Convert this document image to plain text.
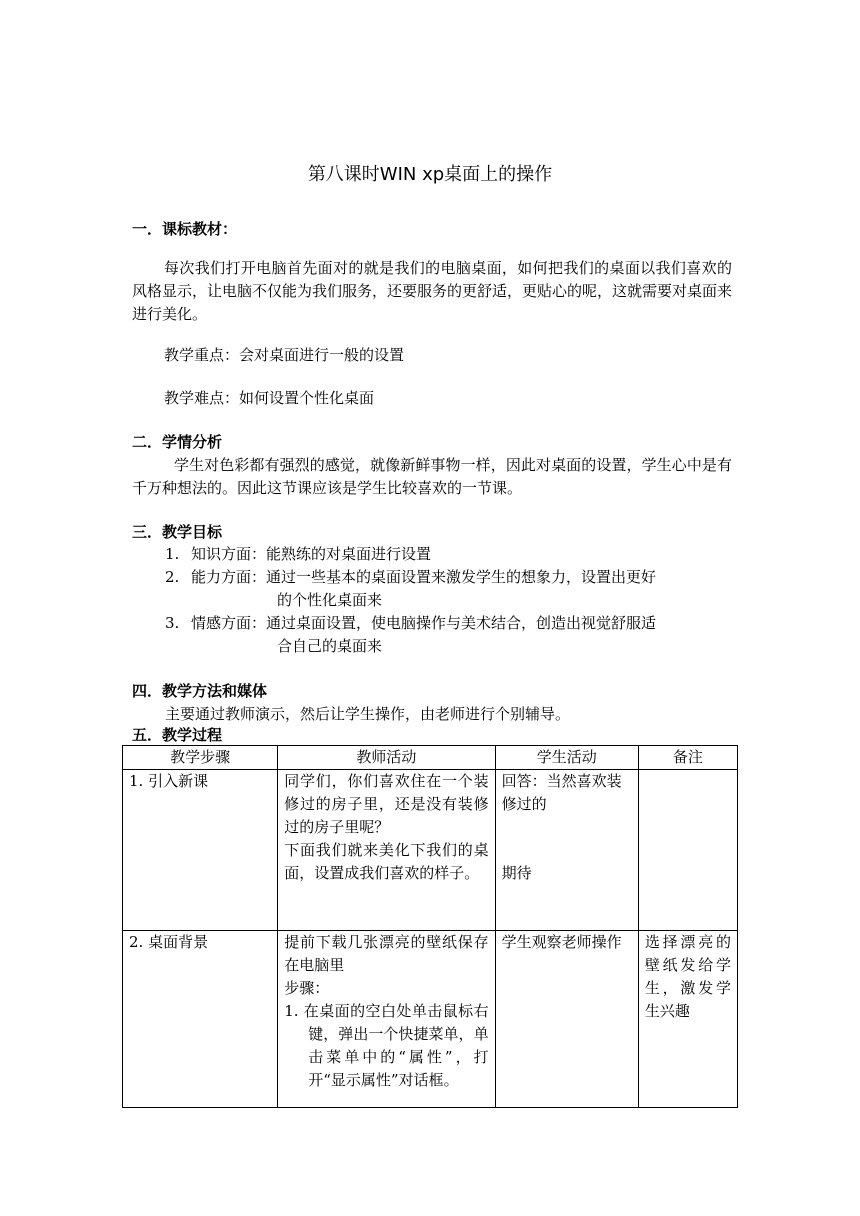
第八课时WIN xp桌面上的操作
一．课标教材：
每次我们打开电脑首先面对的就是我们的电脑桌面，如何把我们的桌面以我们喜欢的风格显示，让电脑不仅能为我们服务，还要服务的更舒适，更贴心的呢，这就需要对桌面来进行美化。
教学重点：会对桌面进行一般的设置
教学难点：如何设置个性化桌面
二．学情分析
学生对色彩都有强烈的感觉，就像新鲜事物一样，因此对桌面的设置，学生心中是有千万种想法的。因此这节课应该是学生比较喜欢的一节课。
三．教学目标
1. 知识方面：能熟练的对桌面进行设置
2. 能力方面：通过一些基本的桌面设置来激发学生的想象力，设置出更好
的个性化桌面来
3. 情感方面：通过桌面设置，使电脑操作与美术结合，创造出视觉舒服适
合自己的桌面来
四．教学方法和媒体
主要通过教师演示，然后让学生操作，由老师进行个别辅导。
五．教学过程
教学步骤	教师活动	学生活动	备注
1. 引入新课	同学们，你们喜欢住在一个装修过的房子里，还是没有装修过的房子里呢？
下面我们就来美化下我们的桌面，设置成我们喜欢的样子。	回答：当然喜欢装修过的
期待	

2. 桌面背景	提前下载几张漂亮的壁纸保存在电脑里
步骤：
1. 在桌面的空白处单击鼠标右键，弹出一个快捷菜单，单击菜单中的“属性”，打开“显示属性”对话框。	学生观察老师操作	选择漂亮的壁纸发给学生，激发学生兴趣
